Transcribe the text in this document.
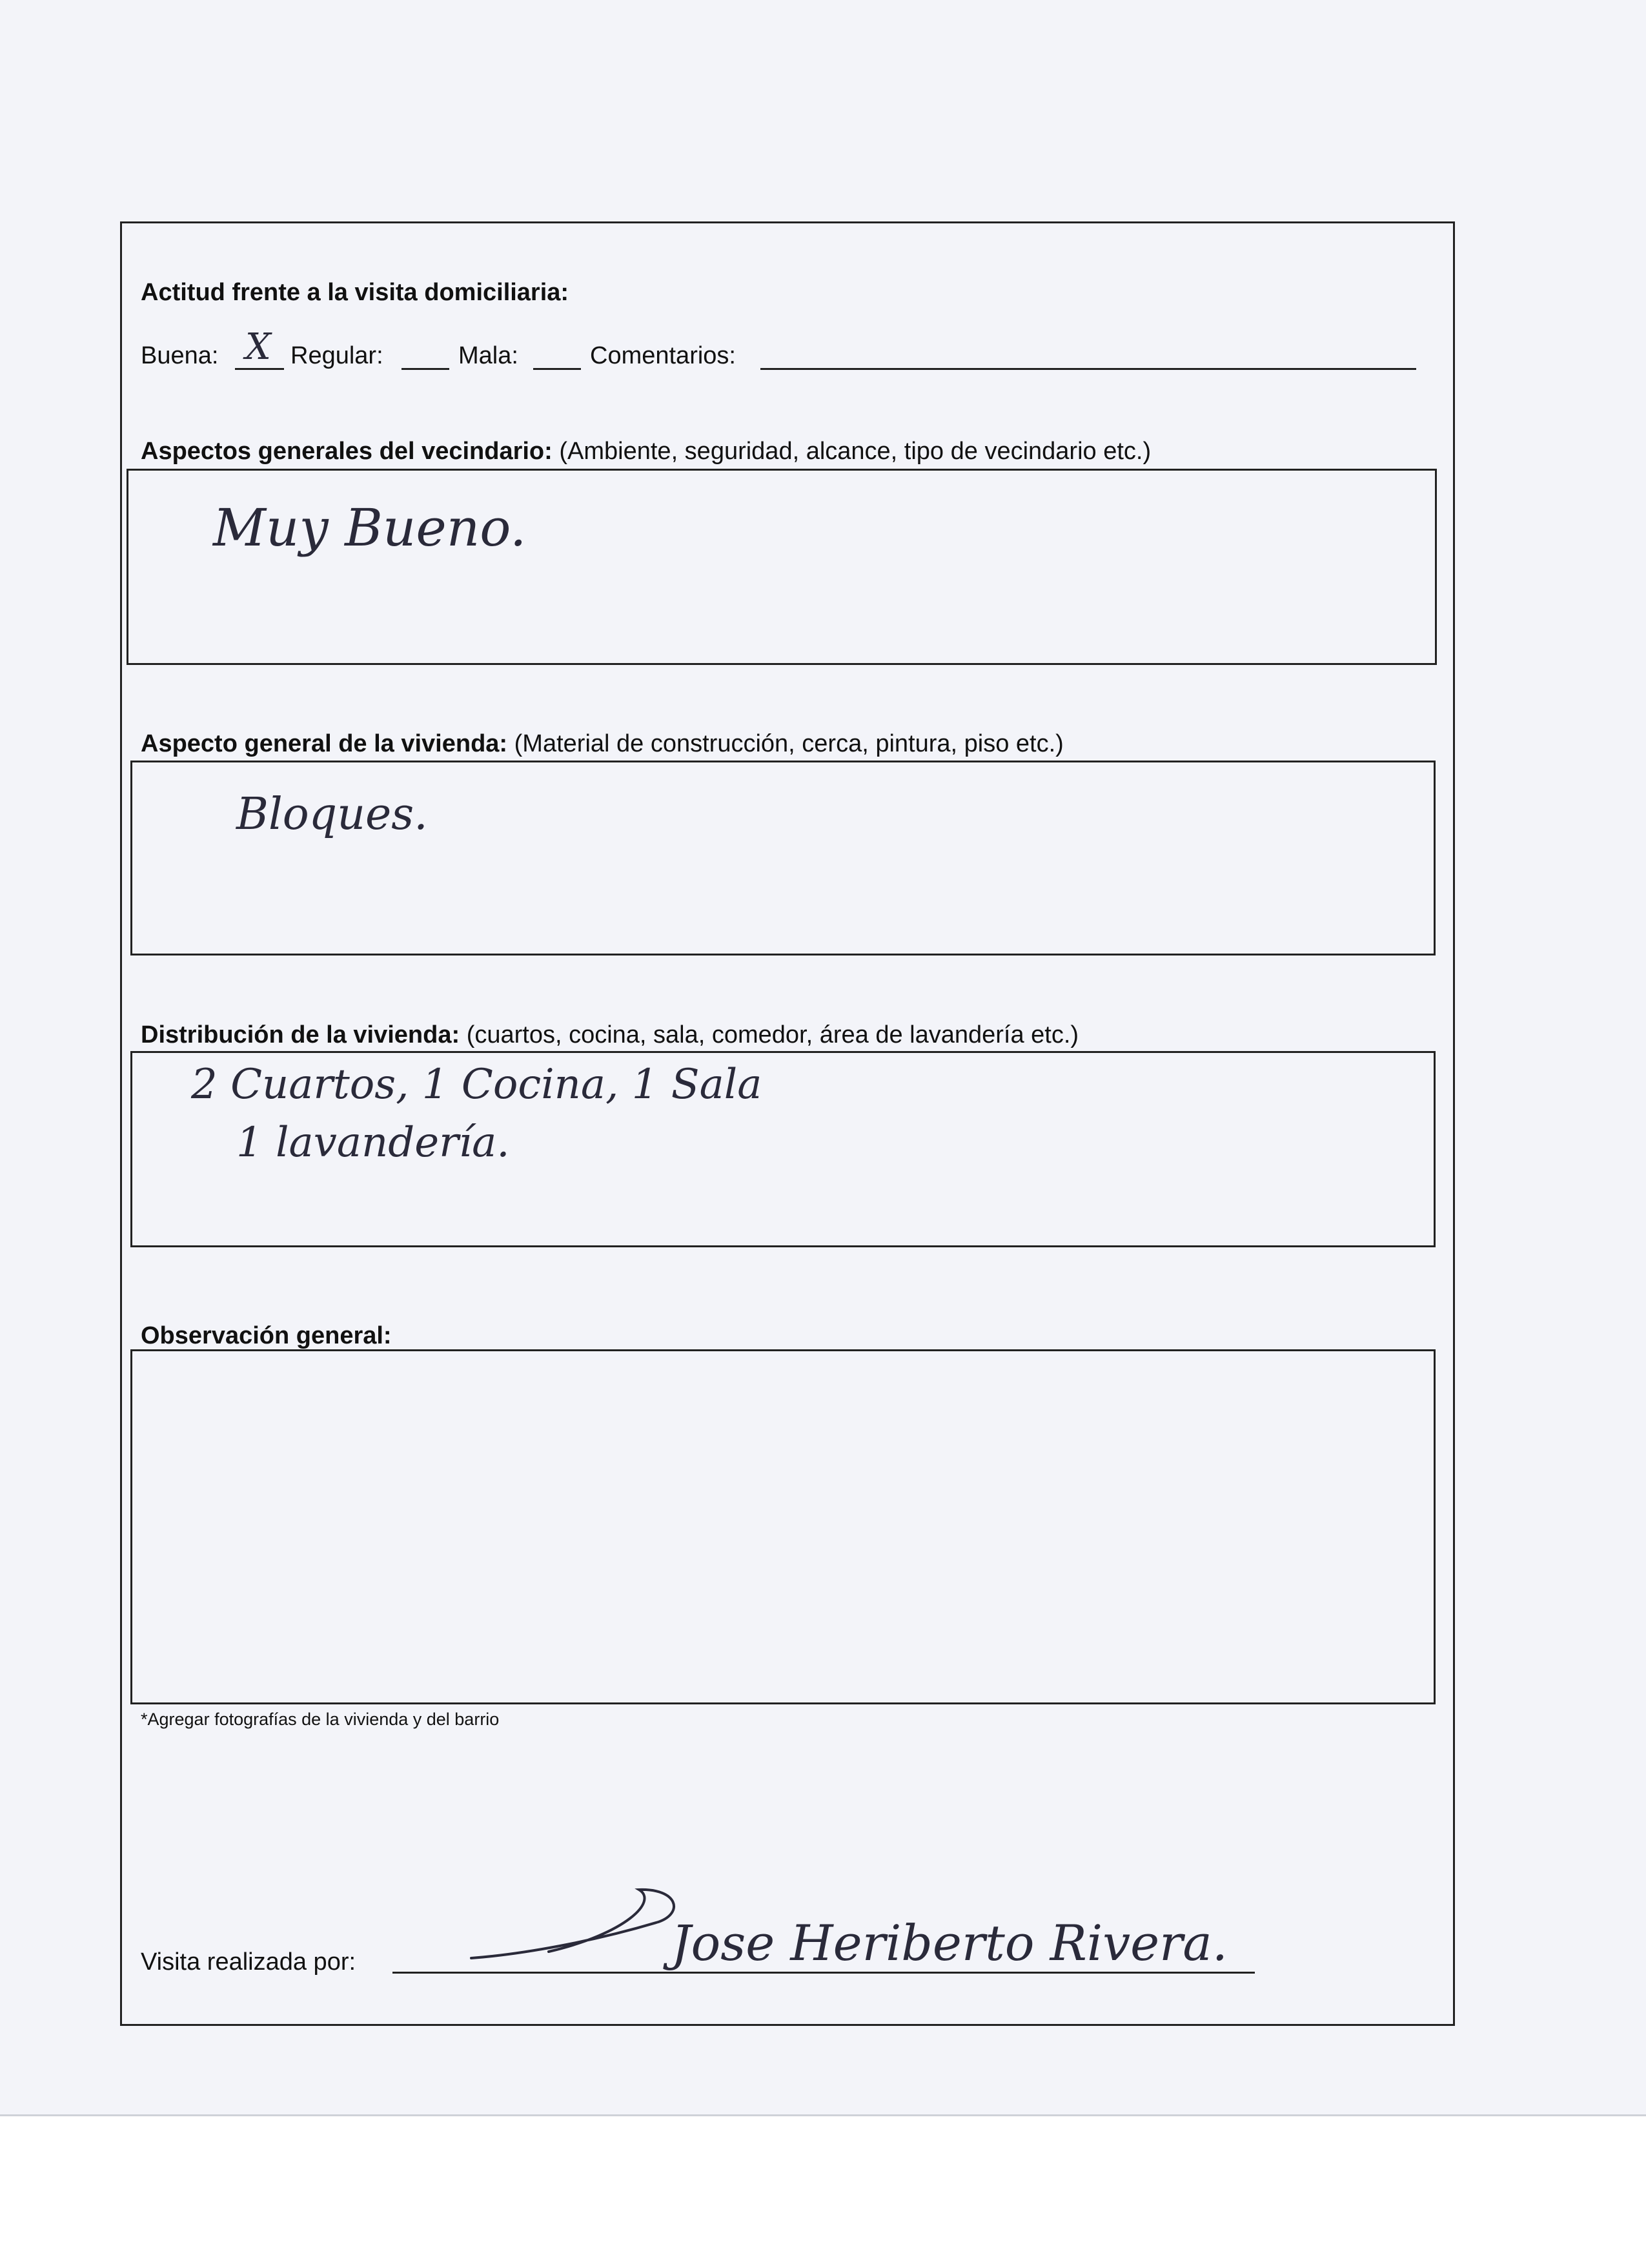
Actitud frente a la visita domiciliaria:
Buena: X Regular:	Mala:	Comentarios:
Aspectos generales del vecindario: (Ambiente, seguridad, alcance, tipo de vecindario etc.)
Muy Bueno.
Aspecto general de la vivienda: (Material de construcción, cerca, pintura, piso etc.)
Bloques.
Distribución de la vivienda: (cuartos, cocina, sala, comedor, área de lavandería etc.)
2 Cuartos, 1 Cocina, 1 Sala
1 lavandería.
Observación general:
*Agregar fotografías de la vivienda y del barrio
Visita realizada por:	Jose Heriberto Rivera.
